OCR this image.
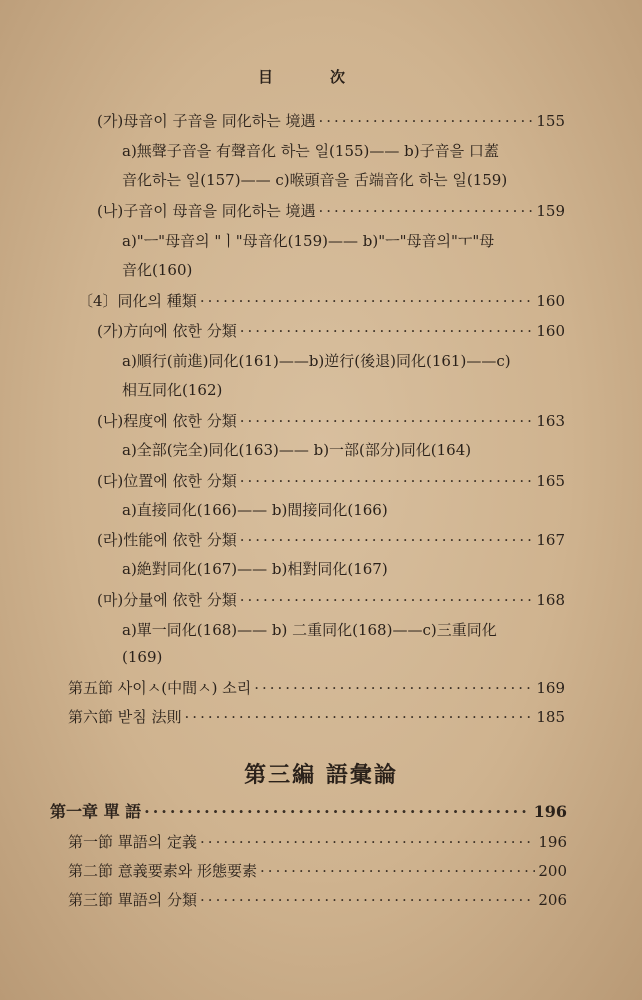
目	次
(가)母音이 子音을 同化하는 境遇 ·····	155
a)無聲子音을 有聲音化 하는 일(155)—— b)子音을 口蓋
音化하는 일(157)—— c)喉頭音을 舌端音化 하는 일(159)
(나)子音이 母音을 同化하는 境遇 ·····	159
a)"ㅡ"母音의 "ㅣ"母音化(159)—— b)"ㅡ"母音의"ㅜ"母
音化(160)
〔4〕同化의 種類 ·····	160
(가)方向에 依한 分類 ·····	160
a)順行(前進)同化(161)——b)逆行(後退)同化(161)——c)
相互同化(162)
(나)程度에 依한 分類 ·····	163
a)全部(完全)同化(163)—— b)一部(部分)同化(164)
(다)位置에 依한 分類 ·····	165
a)直接同化(166)—— b)間接同化(166)
(라)性能에 依한 分類 ·····	167
a)絶對同化(167)—— b)相對同化(167)
(마)分量에 依한 分類 ·····	168
a)單一同化(168)—— b) 二重同化(168)——c)三重同化
(169)
第五節 사이ㅅ(中間ㅅ) 소리 ·····	169
第六節 받침 法則 ·····	185
第三編 語彙論
第一章 單 語 ·····	196
第一節 單語의 定義 ·····	196
第二節 意義要素와 形態要素 ·····	200
第三節 單語의 分類 ·····	206
